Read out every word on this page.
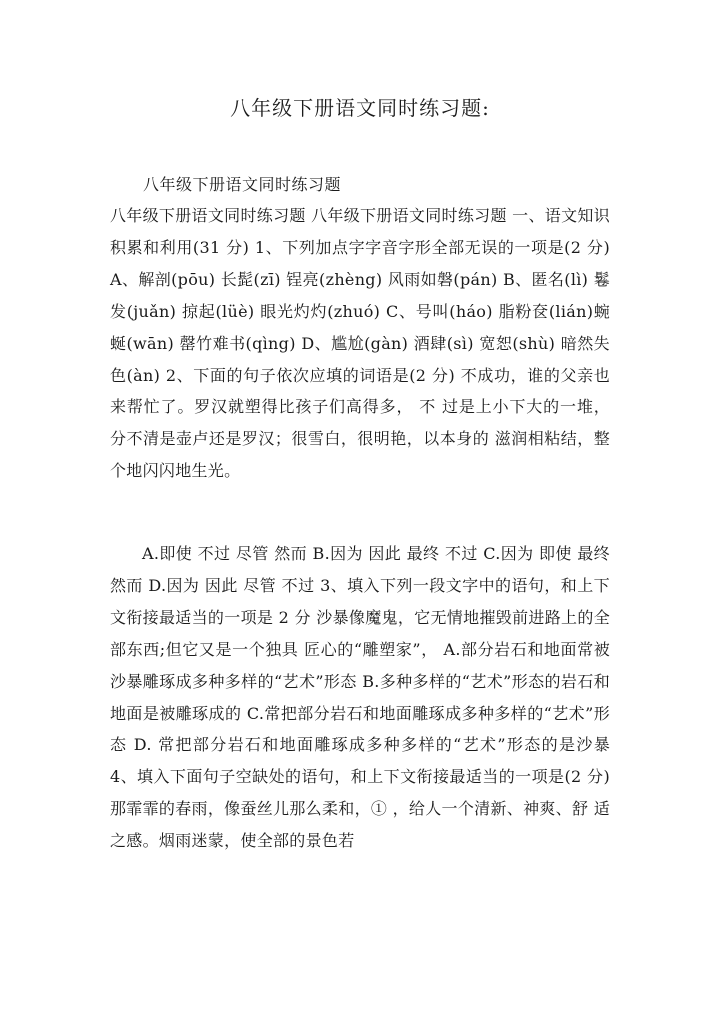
八年级下册语文同时练习题:
八年级下册语文同时练习题
八年级下册语文同时练习题 八年级下册语文同时练习题 一、语文知识积累和利用(31 分) 1、下列加点字字音字形全部无误的一项是(2 分) A、解剖(pōu) 长髭(zī) 锃亮(zhèng) 风雨如磐(pán) B、匿名(lì) 鬈发(juǎn) 掠起(lüè) 眼光灼灼(zhuó) C、号叫(háo) 脂粉奁(lián)蜿蜒(wān) 罄竹难书(qìng) D、尴尬(gàn) 酒肆(sì) 宽恕(shù) 暗然失色(àn) 2、下面的句子依次应填的词语是(2 分) 不成功，谁的父亲也来帮忙了。罗汉就塑得比孩子们高得多， 不 过是上小下大的一堆， 分不清是壶卢还是罗汉；很雪白，很明艳，以本身的 滋润相粘结，整个地闪闪地生光。
A.即使 不过 尽管 然而 B.因为 因此 最终 不过 C.因为 即使 最终 然而 D.因为 因此 尽管 不过 3、填入下列一段文字中的语句，和上下文衔接最适当的一项是 2 分 沙暴像魔鬼，它无情地摧毁前进路上的全部东西;但它又是一个独具 匠心的“雕塑家”， A.部分岩石和地面常被沙暴雕琢成多种多样的“艺术”形态 B.多种多样的“艺术”形态的岩石和地面是被雕琢成的 C.常把部分岩石和地面雕琢成多种多样的“艺术”形态 D. 常把部分岩石和地面雕琢成多种多样的“艺术”形态的是沙暴 4、填入下面句子空缺处的语句，和上下文衔接最适当的一项是(2 分) 那霏霏的春雨，像蚕丝儿那么柔和，① ，给人一个清新、神爽、舒 适之感。烟雨迷蒙，使全部的景色若
